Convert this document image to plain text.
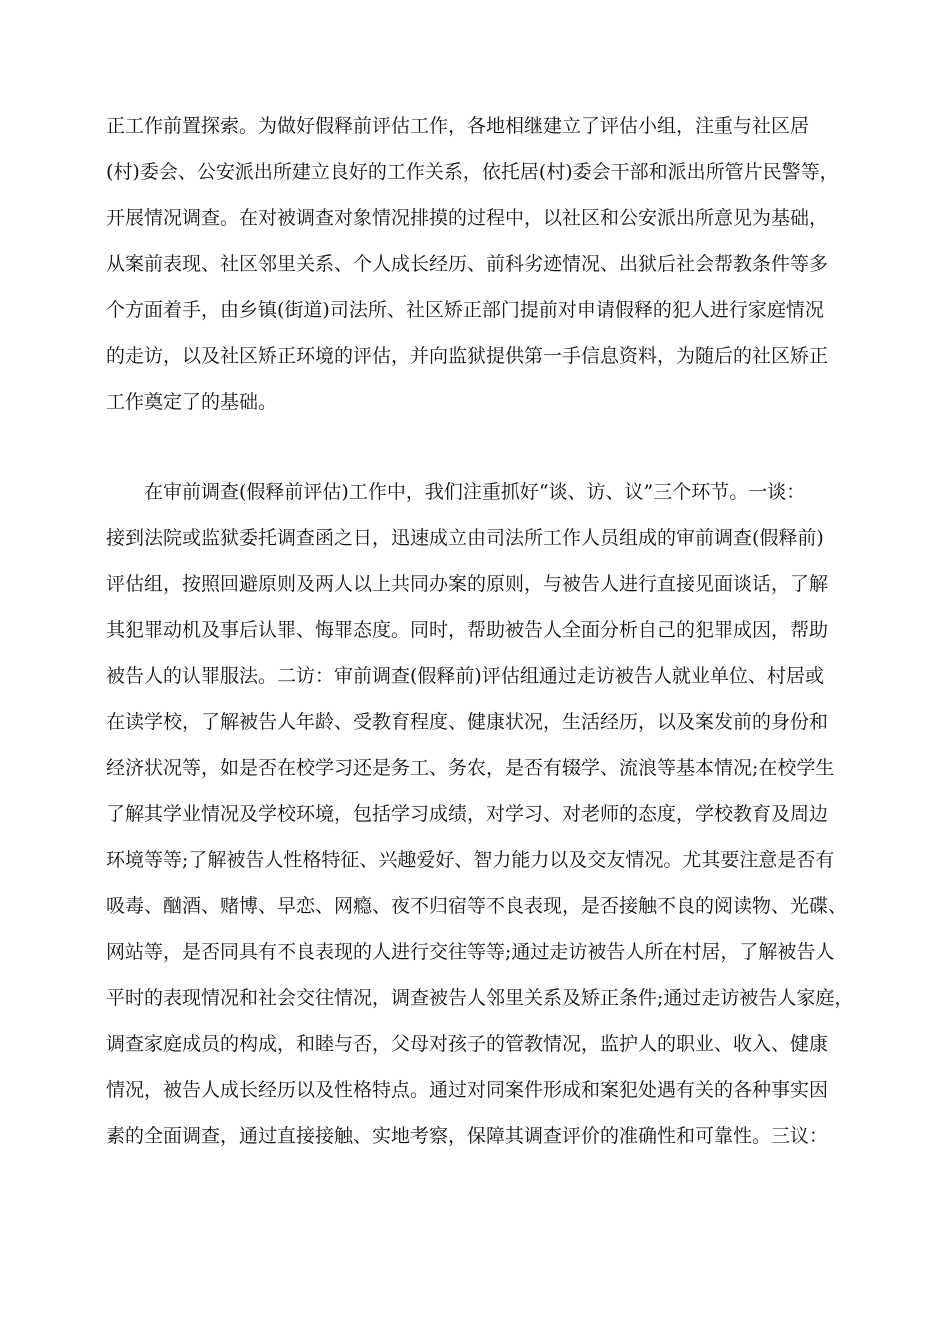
正工作前置探索。为做好假释前评估工作，各地相继建立了评估小组，注重与社区居
(村)委会、公安派出所建立良好的工作关系，依托居(村)委会干部和派出所管片民警等，
开展情况调查。在对被调查对象情况排摸的过程中，以社区和公安派出所意见为基础，
从案前表现、社区邻里关系、个人成长经历、前科劣迹情况、出狱后社会帮教条件等多
个方面着手，由乡镇(街道)司法所、社区矫正部门提前对申请假释的犯人进行家庭情况
的走访，以及社区矫正环境的评估，并向监狱提供第一手信息资料，为随后的社区矫正
工作奠定了的基础。
在审前调查(假释前评估)工作中，我们注重抓好“谈、访、议”三个环节。一谈：
接到法院或监狱委托调查函之日，迅速成立由司法所工作人员组成的审前调查(假释前)
评估组，按照回避原则及两人以上共同办案的原则，与被告人进行直接见面谈话，了解
其犯罪动机及事后认罪、悔罪态度。同时，帮助被告人全面分析自己的犯罪成因，帮助
被告人的认罪服法。二访：审前调查(假释前)评估组通过走访被告人就业单位、村居或
在读学校，了解被告人年龄、受教育程度、健康状况，生活经历，以及案发前的身份和
经济状况等，如是否在校学习还是务工、务农，是否有辍学、流浪等基本情况;在校学生
了解其学业情况及学校环境，包括学习成绩，对学习、对老师的态度，学校教育及周边
环境等等;了解被告人性格特征、兴趣爱好、智力能力以及交友情况。尤其要注意是否有
吸毒、酗酒、赌博、早恋、网瘾、夜不归宿等不良表现，是否接触不良的阅读物、光碟、
网站等，是否同具有不良表现的人进行交往等等;通过走访被告人所在村居，了解被告人
平时的表现情况和社会交往情况，调查被告人邻里关系及矫正条件;通过走访被告人家庭，
调查家庭成员的构成，和睦与否，父母对孩子的管教情况，监护人的职业、收入、健康
情况，被告人成长经历以及性格特点。通过对同案件形成和案犯处遇有关的各种事实因
素的全面调查，通过直接接触、实地考察，保障其调查评价的准确性和可靠性。三议：
